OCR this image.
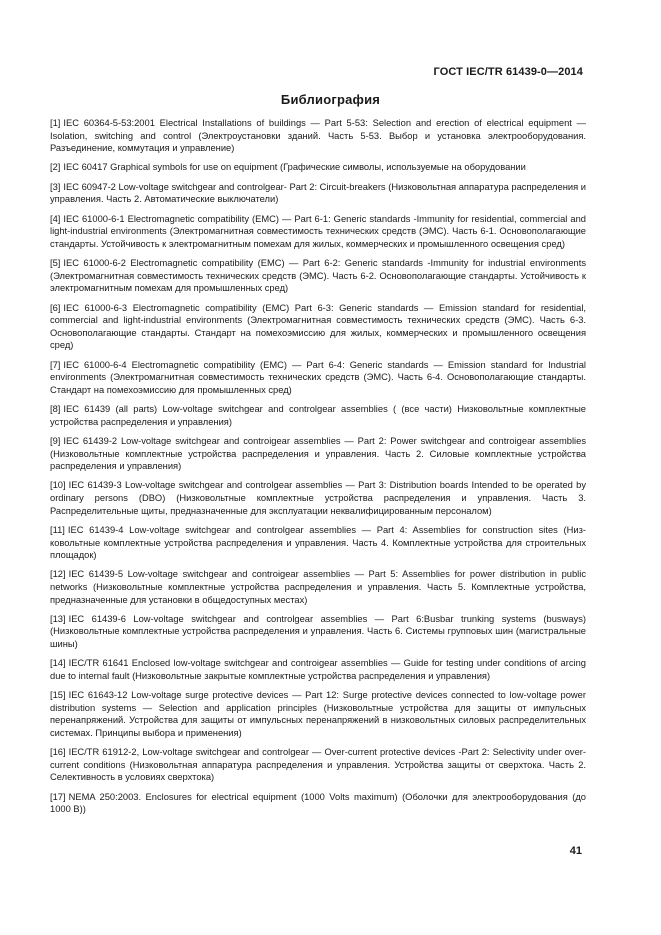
ГОСТ IEC/TR 61439-0—2014
Библиография

[1] IEC 60364-5-53:2001 Electrical Installations of buildings — Part 5-53: Selection and erection of electrical equipment — Isolation, switching and control (Электроустановки зданий. Часть 5-53. Выбор и установка электрооборудования. Разъединение, коммутация и управление)

[2] IEC 60417 Graphical symbols for use on equipment (Графические символы, используемые на оборудовании

[3] IEC 60947-2 Low-voltage switchgear and controlgear- Part 2: Circuit-breakers (Низковольтная аппаратура распределения и управления. Часть 2. Автоматические выключатели)

[4] IEC 61000-6-1 Electromagnetic compatibility (EMC) — Part 6-1: Generic standards -Immunity for residential, commercial and light-industrial environments (Электромагнитная совместимость технических средств (ЭМС). Часть 6-1. Основополагающие стандарты. Устойчивость к электромагнитным помехам для жилых, коммерческих и промышленного освещения сред)

[5] IEC 61000-6-2 Electromagnetic compatibility (EMC) — Part 6-2: Generic standards -Immunity for industrial environments (Электромагнитная совместимость технических средств (ЭМС). Часть 6-2. Основополагающие стандарты. Устойчивость к электромагнитным помехам для промышленных сред)

[6] IEC 61000-6-3 Electromagnetic compatibility (EMC) Part 6-3: Generic standards — Emission standard for residential, commercial and light-industrial environments (Электромагнитная совместимость технических средств (ЭМС). Часть 6-3. Основополагающие стандарты. Стандарт на помехоэмиссию для жилых, коммерческих и промышленного освещения сред)

[7] IEC 61000-6-4 Electromagnetic compatibility (EMC) — Part 6-4: Generic standards — Emission standard for Industrial environments (Электромагнитная совместимость технических средств (ЭМС). Часть 6-4. Основополагающие стандарты. Стандарт на помехоэмиссию для промышленных сред)

[8] IEC 61439 (all parts) Low-voltage switchgear and controlgear assemblies ( (все части) Низковольтные комплектные устройства распределения и управления)

[9] IEC 61439-2 Low-voltage switchgear and controigear assemblies — Part 2: Power switchgear and controigear assemblies (Низковольтные комплектные устройства распределения и управления. Часть 2. Силовые комплектные устройства распределения и управления)

[10] IEC 61439-3 Low-voltage switchgear and controlgear assemblies — Part 3: Distribution boards Intended to be operated by ordinary persons (DBO) (Низковольтные комплектные устройства распределения и управления. Часть 3. Распределительные щиты, предназначенные для эксплуатации неквалифицированным персоналом)

[11] IEC 61439-4 Low-voltage switchgear and controlgear assemblies — Part 4: Assemblies for construction sites (Низковольтные комплектные устройства распределения и управления. Часть 4. Комплектные устройства для строительных площадок)

[12] IEC 61439-5 Low-voltage switchgear and controigear assemblies — Part 5: Assemblies for power distribution in public networks (Низковольтные комплектные устройства распределения и управления. Часть 5. Комплектные устройства, предназначенные для установки в общедоступных местах)

[13] IEC 61439-6 Low-voltage switchgear and controlgear assemblies — Part 6:Busbar trunking systems (busways) (Низковольтные комплектные устройства распределения и управления. Часть 6. Системы групповых шин (магистральные шины)

[14] IEC/TR 61641 Enclosed low-voltage switchgear and controigear assemblies — Guide for testing under conditions of arcing due to internal fault (Низковольтные закрытые комплектные устройства распределения и управления)

[15] IEC 61643-12 Low-voltage surge protective devices — Part 12: Surge protective devices connected to low-voltage power distribution systems — Selection and application principles (Низковольтные устройства для защиты от импульсных перенапряжений. Устройства для защиты от импульсных перенапряжений в низковольтных силовых распределительных системах. Принципы выбора и применения)

[16] IEC/TR 61912-2, Low-voltage switchgear and controlgear — Over-current protective devices -Part 2: Selectivity under over-current conditions (Низковольтная аппаратура распределения и управления. Устройства защиты от сверхтока. Часть 2. Селективность в условиях сверхтока)

[17] NEMA 250:2003. Enclosures for electrical equipment (1000 Volts maximum) (Оболочки для электрооборудования (до 1000 В))

41
